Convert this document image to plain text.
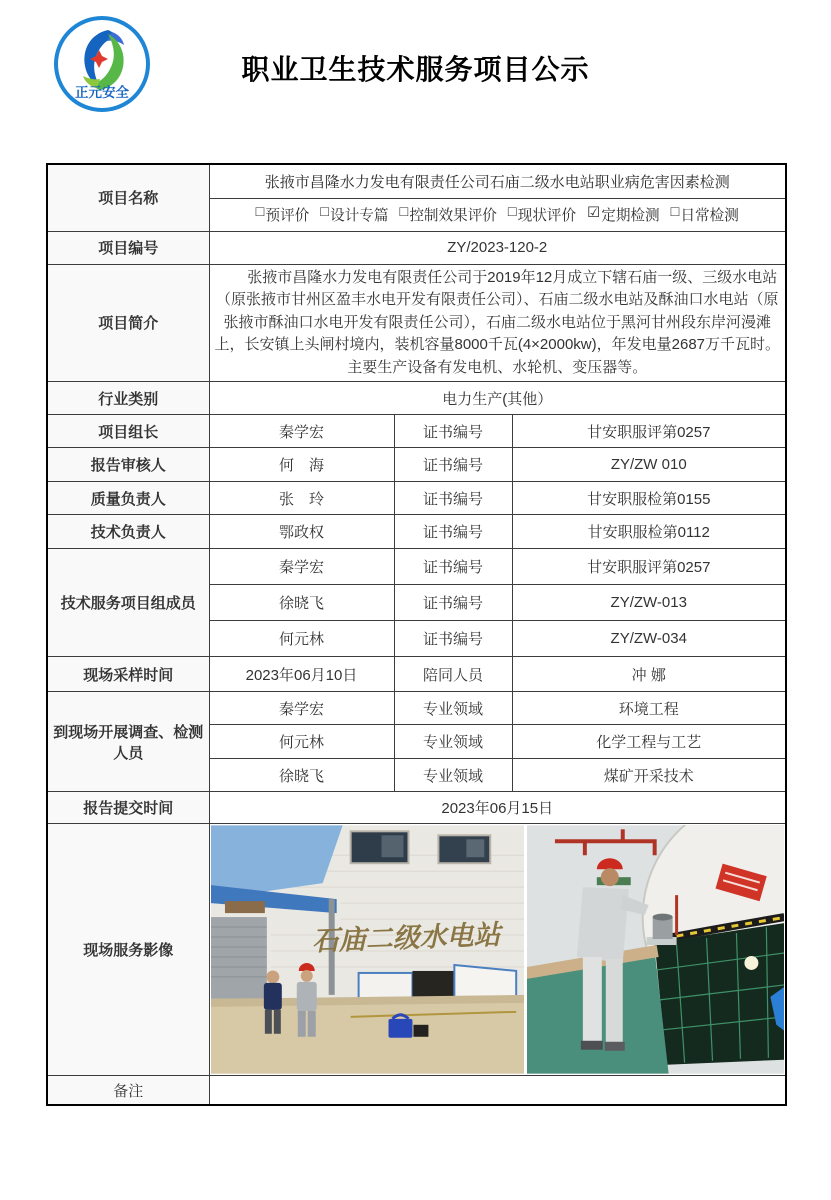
正元安全
职业卫生技术服务项目公示
项目名称	张掖市昌隆水力发电有限责任公司石庙二级水电站职业病危害因素检测		

□ 预评价 □ 设计专篇 □ 控制效果评价 □ 现状评价 ☑ 定期检测 □ 日常检测

项目编号	ZY/2023-120-2		
项目简介	张掖市昌隆水力发电有限责任公司于2019年12月成立下辖石庙一级、三级水电站（原张掖市甘州区盈丰水电开发有限责任公司）、石庙二级水电站及酥油口水电站（原张掖市酥油口水电开发有限责任公司），石庙二级水电站位于黑河甘州段东岸河漫滩上，长安镇上头闸村境内，装机容量8000千瓦(4×2000kw)，年发电量2687万千瓦时。主要生产设备有发电机、水轮机、变压器等。		
行业类别	电力生产(其他）		
项目组长	秦学宏	证书编号	甘安职服评第0257
报告审核人	何　海	证书编号	ZY/ZW 010
质量负责人	张　玲	证书编号	甘安职服检第0155
技术负责人	鄂政权	证书编号	甘安职服检第0112
技术服务项目组成员	秦学宏	证书编号	甘安职服评第0257
	徐晓飞	证书编号	ZY/ZW-013
	何元林	证书编号	ZY/ZW-034
现场采样时间	2023年06月10日	陪同人员	冲 娜
到现场开展调查、检测人员	秦学宏	专业领域	环境工程
	何元林	专业领域	化学工程与工艺
	徐晓飞	专业领域	煤矿开采技术
报告提交时间	2023年06月15日		
现场服务影像	石庙二级水电站		

备注			
